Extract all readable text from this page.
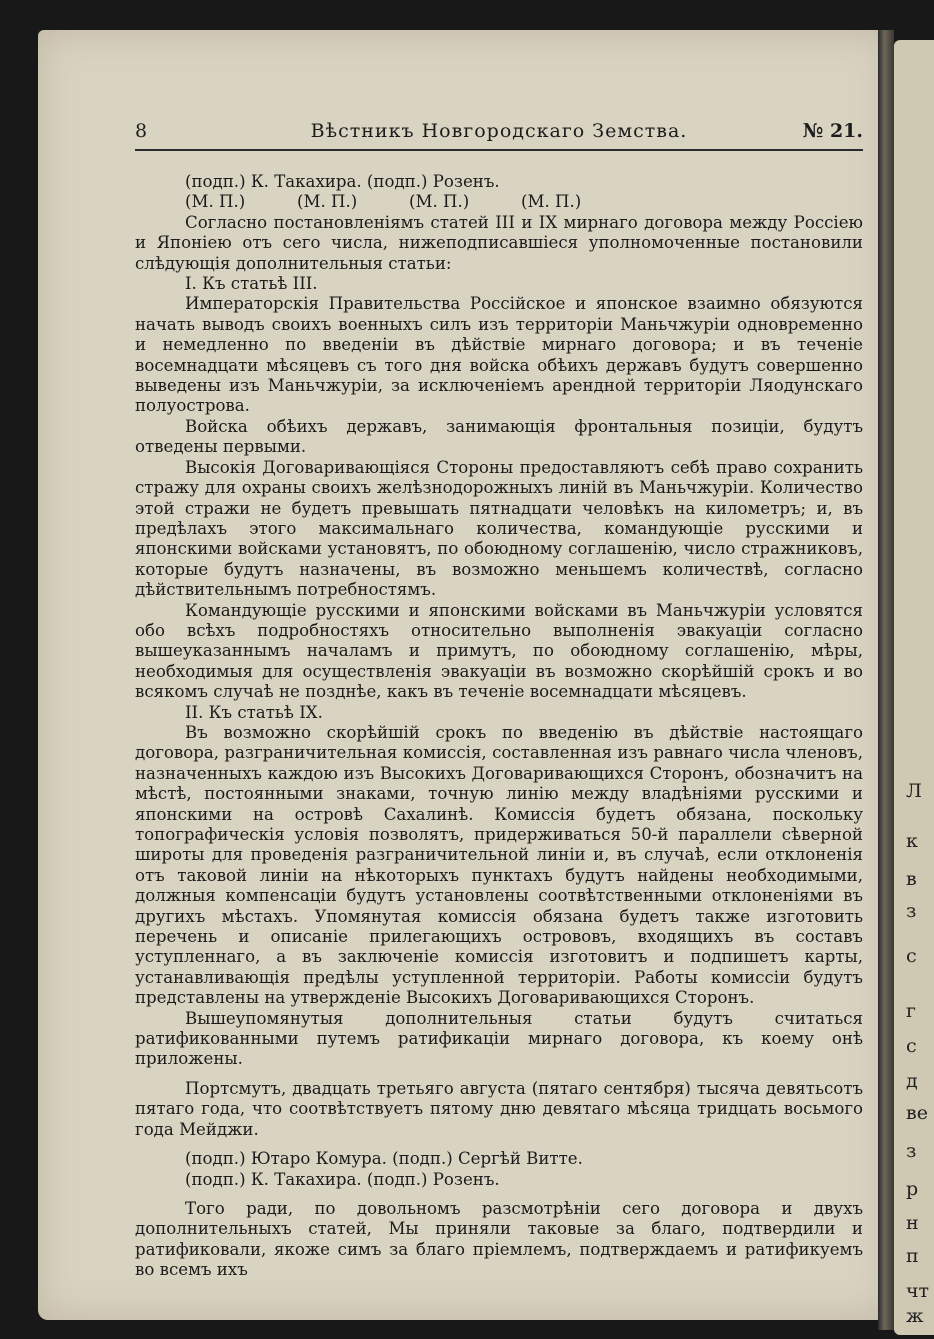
Л
к
в
з
с
г
с
д
ве
з
р
н
п
чт
ж
Вѣстникъ Новгородскаго Земства.
8	№ 21.
(подп.) К. Такахира. (подп.) Розенъ.
(М. П.)	(М. П.)	(М. П.)	(М. П.)

Согласно постановленіямъ статей III и IX мирнаго договора между Россіею и Японіею отъ сего числа, нижеподписавшіеся уполномоченные постановили слѣдующія дополнительныя статьи:

I. Къ статьѣ III.

Императорскія Правительства Россійское и японское взаимно обязуются начать выводъ своихъ военныхъ силъ изъ территоріи Маньчжуріи одновременно и немедленно по введеніи въ дѣйствіе мирнаго договора; и въ теченіе восемнадцати мѣсяцевъ съ того дня войска обѣихъ державъ будутъ совершенно выведены изъ Маньчжуріи, за исключеніемъ арендной территоріи Ляодунскаго полуострова.

Войска обѣихъ державъ, занимающія фронтальныя позиціи, будутъ отведены первыми.

Высокія Договаривающіяся Стороны предоставляютъ себѣ право сохранить стражу для охраны своихъ желѣзнодорожныхъ линій въ Маньчжуріи. Количество этой стражи не будетъ превышать пятнадцати человѣкъ на километръ; и, въ предѣлахъ этого максимальнаго количества, командующіе русскими и японскими войсками установятъ, по обоюдному соглашенію, число стражниковъ, которые будутъ назначены, въ возможно меньшемъ количествѣ, согласно дѣйствительнымъ потребностямъ.

Командующіе русскими и японскими войсками въ Маньчжуріи условятся обо всѣхъ подробностяхъ относительно выполненія эвакуаціи согласно вышеуказаннымъ началамъ и примутъ, по обоюдному соглашенію, мѣры, необходимыя для осуществленія эвакуаціи въ возможно скорѣйшій срокъ и во всякомъ случаѣ не позднѣе, какъ въ теченіе восемнадцати мѣсяцевъ.

II. Къ статьѣ IX.

Въ возможно скорѣйшій срокъ по введенію въ дѣйствіе настоящаго договора, разграничительная комиссія, составленная изъ равнаго числа членовъ, назначенныхъ каждою изъ Высокихъ Договаривающихся Сторонъ, обозначитъ на мѣстѣ, постоянными знаками, точную линію между владѣніями русскими и японскими на островѣ Сахалинѣ. Комиссія будетъ обязана, поскольку топографическія условія позволятъ, придерживаться 50-й параллели сѣверной широты для проведенія разграничительной линіи и, въ случаѣ, если отклоненія отъ таковой линіи на нѣкоторыхъ пунктахъ будутъ найдены необходимыми, должныя компенсаціи будутъ установлены соотвѣтственными отклоненіями въ другихъ мѣстахъ. Упомянутая комиссія обязана будетъ также изготовить перечень и описаніе прилегающихъ острововъ, входящихъ въ составъ уступленнаго, а въ заключеніе комиссія изготовитъ и подпишетъ карты, устанавливающія предѣлы уступленной территоріи. Работы комиссіи будутъ представлены на утвержденіе Высокихъ Договаривающихся Сторонъ.

Вышеупомянутыя дополнительныя статьи будутъ считаться ратификованными путемъ ратификаціи мирнаго договора, къ коему онѣ приложены.

Портсмутъ, двадцать третьяго августа (пятаго сентября) тысяча девятьсотъ пятаго года, что соотвѣтствуетъ пятому дню девятаго мѣсяца тридцать восьмого года Мейджи.

(подп.) Ютаро Комура. (подп.) Сергѣй Витте.

(подп.) К. Такахира. (подп.) Розенъ.

Того ради, по довольномъ разсмотрѣніи сего договора и двухъ дополнительныхъ статей, Мы приняли таковые за благо, подтвердили и ратификовали, якоже симъ за благо пріемлемъ, подтверждаемъ и ратификуемъ во всемъ ихъ
